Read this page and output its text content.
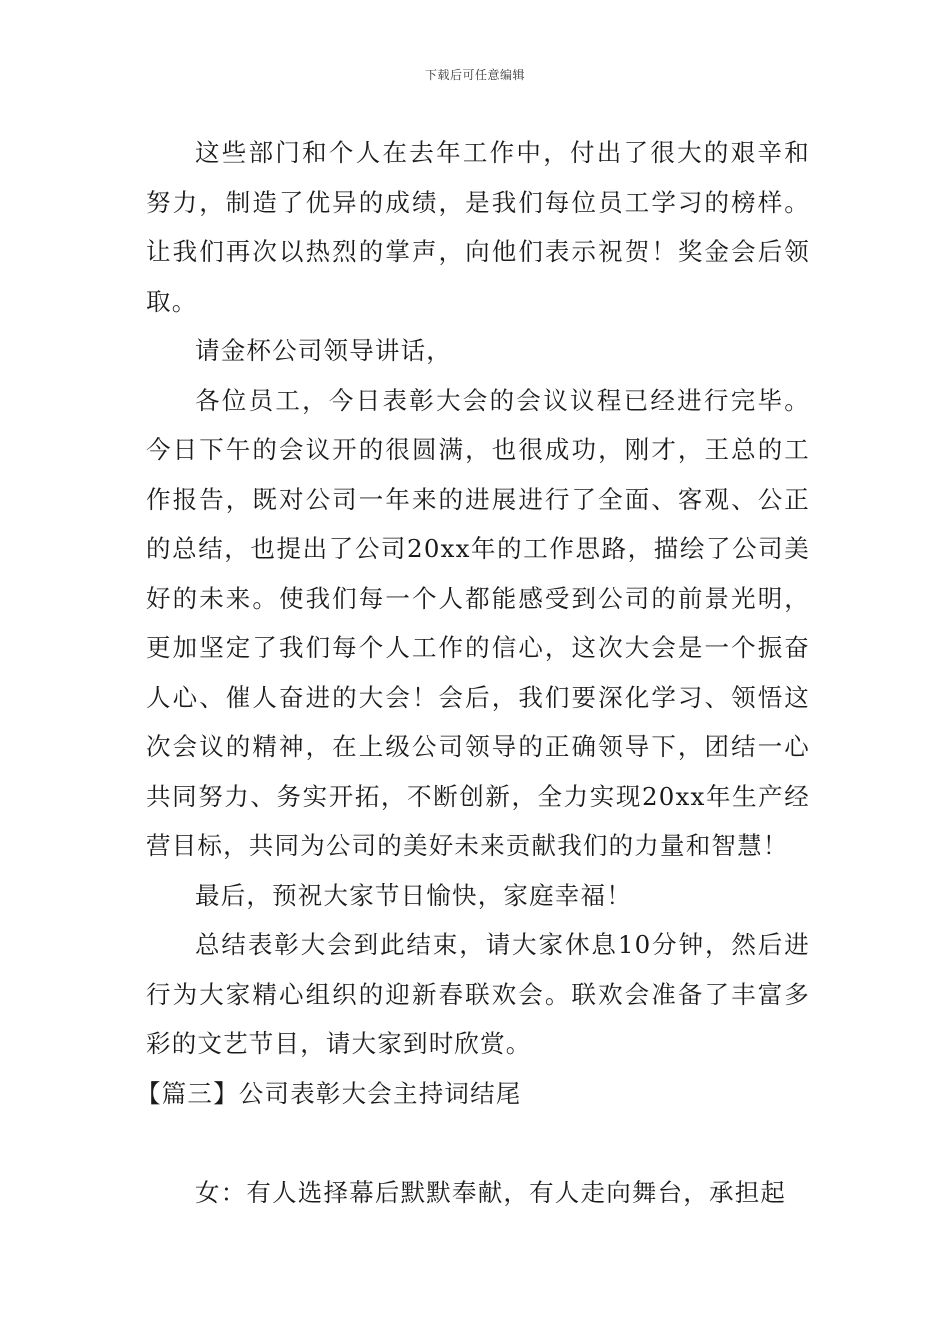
下载后可任意编辑

这些部门和个人在去年工作中，付出了很大的艰辛和努力，制造了优异的成绩，是我们每位员工学习的榜样。让我们再次以热烈的掌声，向他们表示祝贺！奖金会后领取。

请金杯公司领导讲话，

各位员工，今日表彰大会的会议议程已经进行完毕。今日下午的会议开的很圆满，也很成功，刚才，王总的工作报告，既对公司一年来的进展进行了全面、客观、公正的总结，也提出了公司20xx年的工作思路，描绘了公司美好的未来。使我们每一个人都能感受到公司的前景光明，更加坚定了我们每个人工作的信心，这次大会是一个振奋人心、催人奋进的大会！会后，我们要深化学习、领悟这次会议的精神，在上级公司领导的正确领导下，团结一心共同努力、务实开拓，不断创新，全力实现20xx年生产经营目标，共同为公司的美好未来贡献我们的力量和智慧！

最后，预祝大家节日愉快，家庭幸福！

总结表彰大会到此结束，请大家休息10分钟，然后进行为大家精心组织的迎新春联欢会。联欢会准备了丰富多彩的文艺节目，请大家到时欣赏。

【篇三】公司表彰大会主持词结尾

女：有人选择幕后默默奉献，有人走向舞台，承担起
